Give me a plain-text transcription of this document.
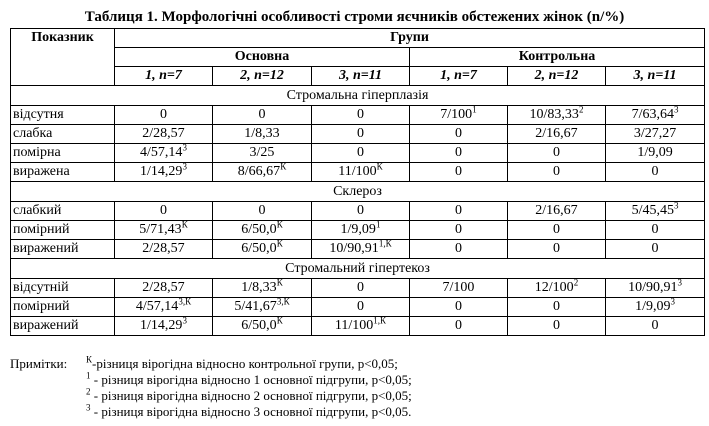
Таблиця 1. Морфологічні особливості строми яєчників обстежених жінок (n/%)
Показник	Групи					
	Основна			Контрольна		
	1, n=7	2, n=12	3, n=11	1, n=7	2, n=12	3, n=11
Стромальна гіперплазія						
відсутня	0	0	0	$7/100^1$	10/83,33$^2$	7/63,64$^3$
слабка	2/28,57	1/8,33	0	0	2/16,67	3/27,27
помірна	4/57,14$^3$	3/25	0	0	0	1/9,09
виражена	1/14,29$^3$	$8/66,67^К$	$11/100^К$	0	0	0
Склероз						
слабкий	0	0	0	0	2/16,67	5/45,45$^3$
помірний	$5/71,43^К$	$6/50,0^К$	1/9,09$^1$	0	0	0
виражений	2/28,57	$6/50,0^К$	$10/90,91^{1,К}$	0	0	0
Стромальний гіпертекоз						
відсутній	2/28,57	$1/8,33^К$	0	7/100	$12/100^2$	10/90,91$^3$
помірний	$4/57,14^{3,К}$	$5/41,67^{3,К}$	0	0	0	1/9,09$^3$
виражений	1/14,29$^3$	$6/50,0^К$	$11/100^{1,К}$	0	0	0
Примітки:	$^К$-різниця вірогідна відносно контрольної групи, p<0,05;
$^1$ - різниця вірогідна відносно 1 основної підгрупи, p<0,05;
$^2$ - різниця вірогідна відносно 2 основної підгрупи, p<0,05;
$^3$ - різниця вірогідна відносно 3 основної підгрупи, p<0,05.
